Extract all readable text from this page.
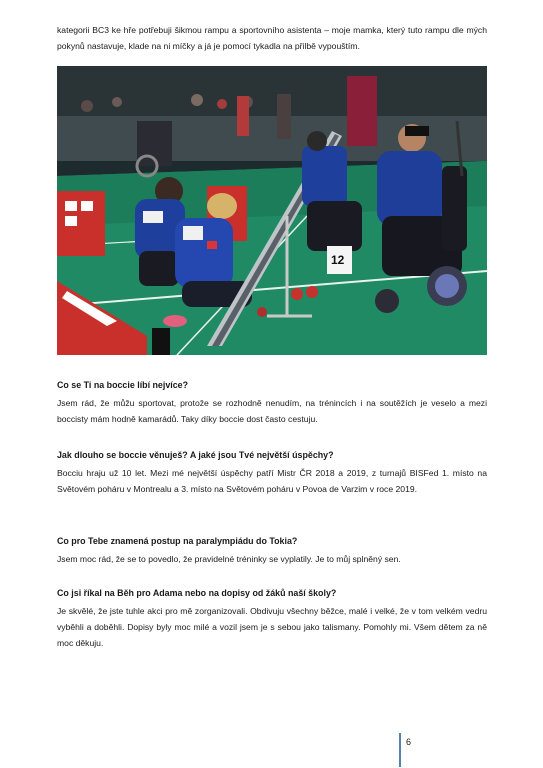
kategorii BC3 ke hře potřebuji šikmou rampu a sportovního asistenta – moje mamka, který tuto rampu dle mých pokynů nastavuje, klade na ni míčky a já je pomocí tykadla na přilbě vypouštím.

12

Co se Ti na boccie líbí nejvíce?

Jsem rád, že můžu sportovat, protože se rozhodně nenudím, na trénincích i na soutěžích je veselo a mezi boccisty mám hodně kamarádů. Taky díky boccie dost často cestuju.

Jak dlouho se boccie věnuješ? A jaké jsou Tvé největší úspěchy?

Bocciu hraju už 10 let. Mezi mé největší úspěchy patří Mistr ČR 2018 a 2019, z turnajů BISFed 1. místo na Světovém poháru v Montrealu a 3. místo na Světovém poháru v Povoa de Varzim v roce 2019.

Co pro Tebe znamená postup na paralympiádu do Tokia?

Jsem moc rád, že se to povedlo, že pravidelné tréninky se vyplatily. Je to můj splněný sen.

Co jsi říkal na Běh pro Adama nebo na dopisy od žáků naší školy?

Je skvělé, že jste tuhle akci pro mě zorganizovali. Obdivuju všechny běžce, malé i velké, že v tom velkém vedru vyběhli a doběhli. Dopisy byly moc milé a vozil jsem je s sebou jako talismany. Pomohly mi. Všem dětem za ně moc děkuju.

6
